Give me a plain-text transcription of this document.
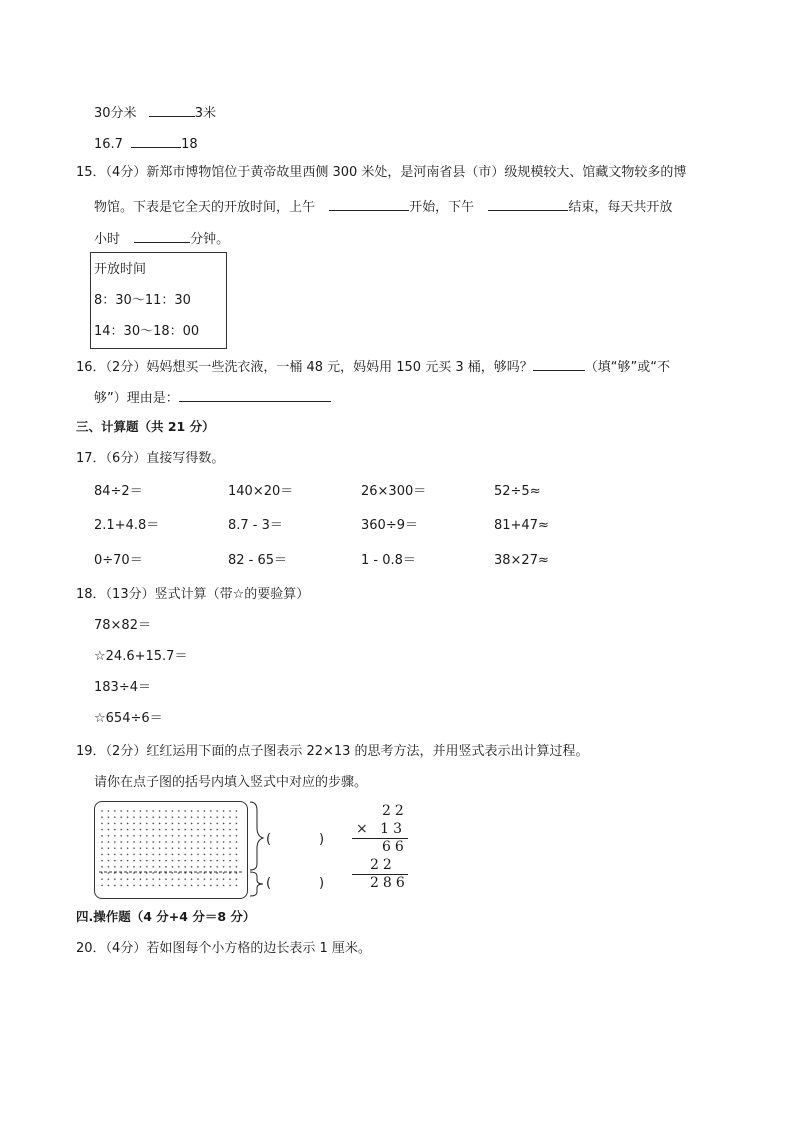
30分米	3米
16.7	18
15．（4分）新郑市博物馆位于黄帝故里西侧 300 米处，是河南省县（市）级规模较大、馆藏文物较多的博
物馆。下表是它全天的开放时间，上午	开始，下午	结束，每天共开放
小时	分钟。
开放时间
8：30～11：30
14：30～18：00
16．（2分）妈妈想买一些洗衣液，一桶 48 元，妈妈用 150 元买 3 桶，够吗？	（填“够”或“不
够”）理由是：
三、计算题（共 21 分）
17．（6分）直接写得数。
84÷2＝	140×20＝	26×300＝	52÷5≈
2.1+4.8＝	8.7 - 3＝	360÷9＝	81+47≈
0÷70＝	82 - 65＝	1 - 0.8＝	38×27≈
18．（13分）竖式计算（带☆的要验算）
78×82＝
☆24.6+15.7＝
183÷4＝
☆654÷6＝
19．（2分）红红运用下面的点子图表示 22×13 的思考方法，并用竖式表示出计算过程。
请你在点子图的括号内填入竖式中对应的步骤。
(	)
(	)
22
× 13
66
22
286
四.操作题（4 分+4 分＝8 分）
20．（4分）若如图每个小方格的边长表示 1 厘米。
